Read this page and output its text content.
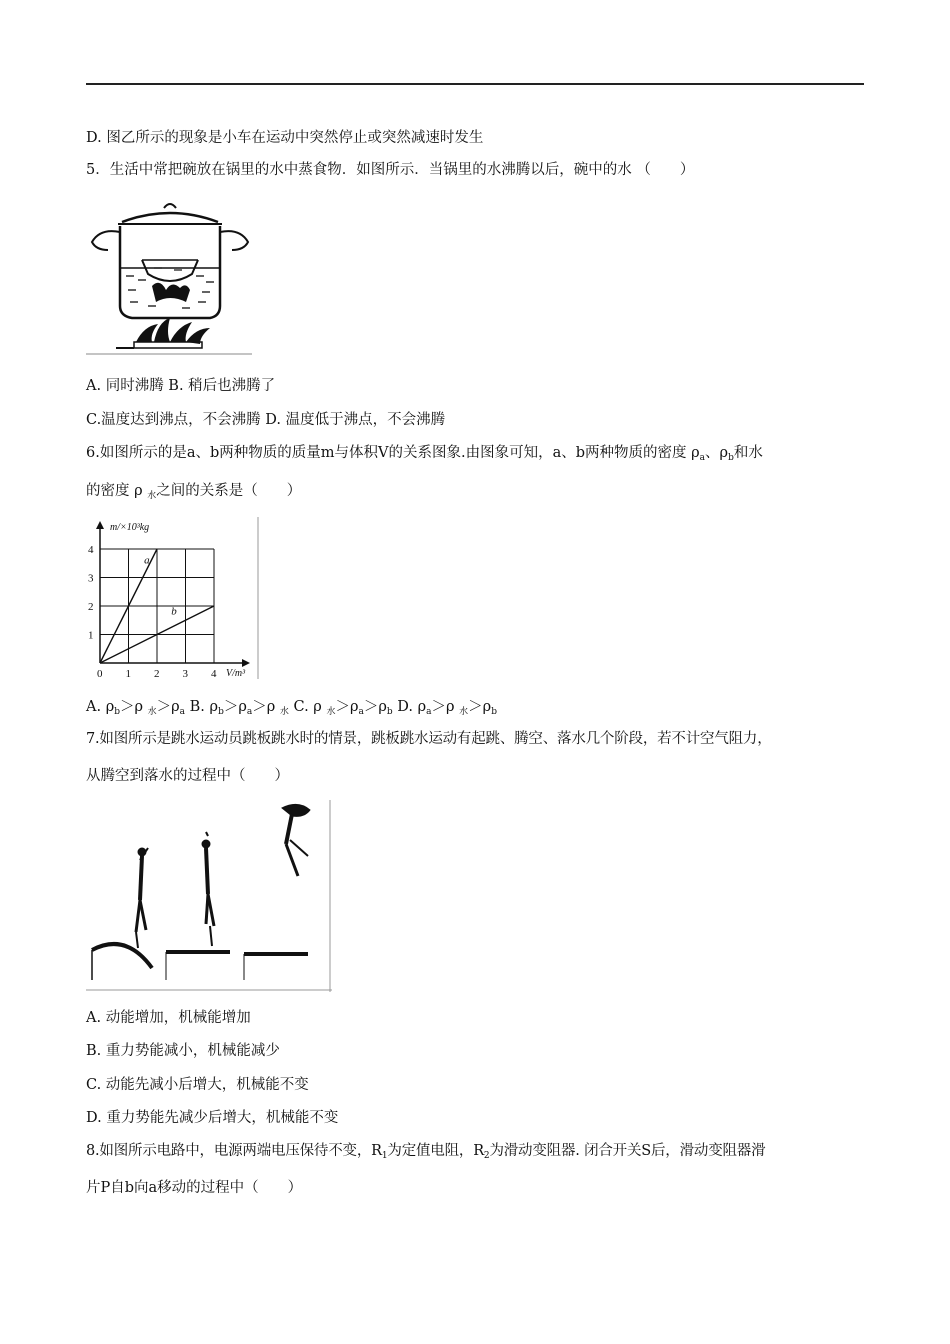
D. 图乙所示的现象是小车在运动中突然停止或突然减速时发生
5．生活中常把碗放在锅里的水中蒸食物．如图所示．当锅里的水沸腾以后，碗中的水 （　　）
A. 同时沸腾 B. 稍后也沸腾了
C.温度达到沸点，不会沸腾 D. 温度低于沸点，不会沸腾
6.如图所示的是a、b两种物质的质量m与体积V的关系图象.由图象可知，a、b两种物质的密度 $\rho_a$、$\rho_b$和水
的密度 ρ $_水$之间的关系是（　　）
a
b
0 1 2 3 4
1
2
3
4
m/×10³kg
V/m³
A. $\rho_b>\rho$ $_水>\rho_a$ B. $\rho_b>\rho_a>\rho$ $_水$ C. ρ $_水>\rho_a>\rho_b$ D. $\rho_a>\rho$ $_水>\rho_b$
7.如图所示是跳水运动员跳板跳水时的情景，跳板跳水运动有起跳、腾空、落水几个阶段，若不计空气阻力，
从腾空到落水的过程中（　　）
A. 动能增加，机械能增加
B. 重力势能减小，机械能减少
C. 动能先减小后增大，机械能不变
D. 重力势能先减少后增大，机械能不变
8.如图所示电路中，电源两端电压保待不变，$R_1$为定值电阻，$R_2$为滑动变阻器. 闭合开关S后，滑动变阻器滑
片P自b向a移动的过程中（　　）
